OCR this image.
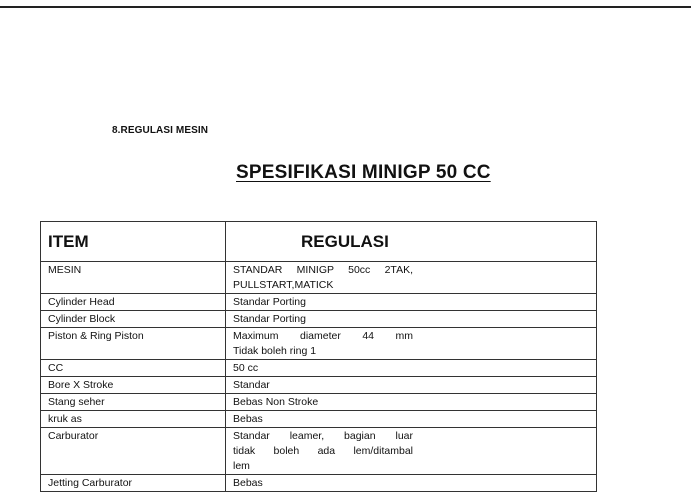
8.REGULASI MESIN
SPESIFIKASI MINIGP 50 CC
ITEM	REGULASI
MESIN	STANDAR MINIGP 50cc 2TAK,
PULLSTART,MATICK

Cylinder Head	Standar Porting

Cylinder Block	Standar Porting

Piston & Ring Piston	Maximum diameter 44 mm
Tidak boleh ring 1

CC	50 cc

Bore X Stroke	Standar

Stang seher	Bebas Non Stroke

kruk as	Bebas

Carburator	Standar leamer, bagian luar
tidak boleh ada lem/ditambal
lem

Jetting Carburator	Bebas
